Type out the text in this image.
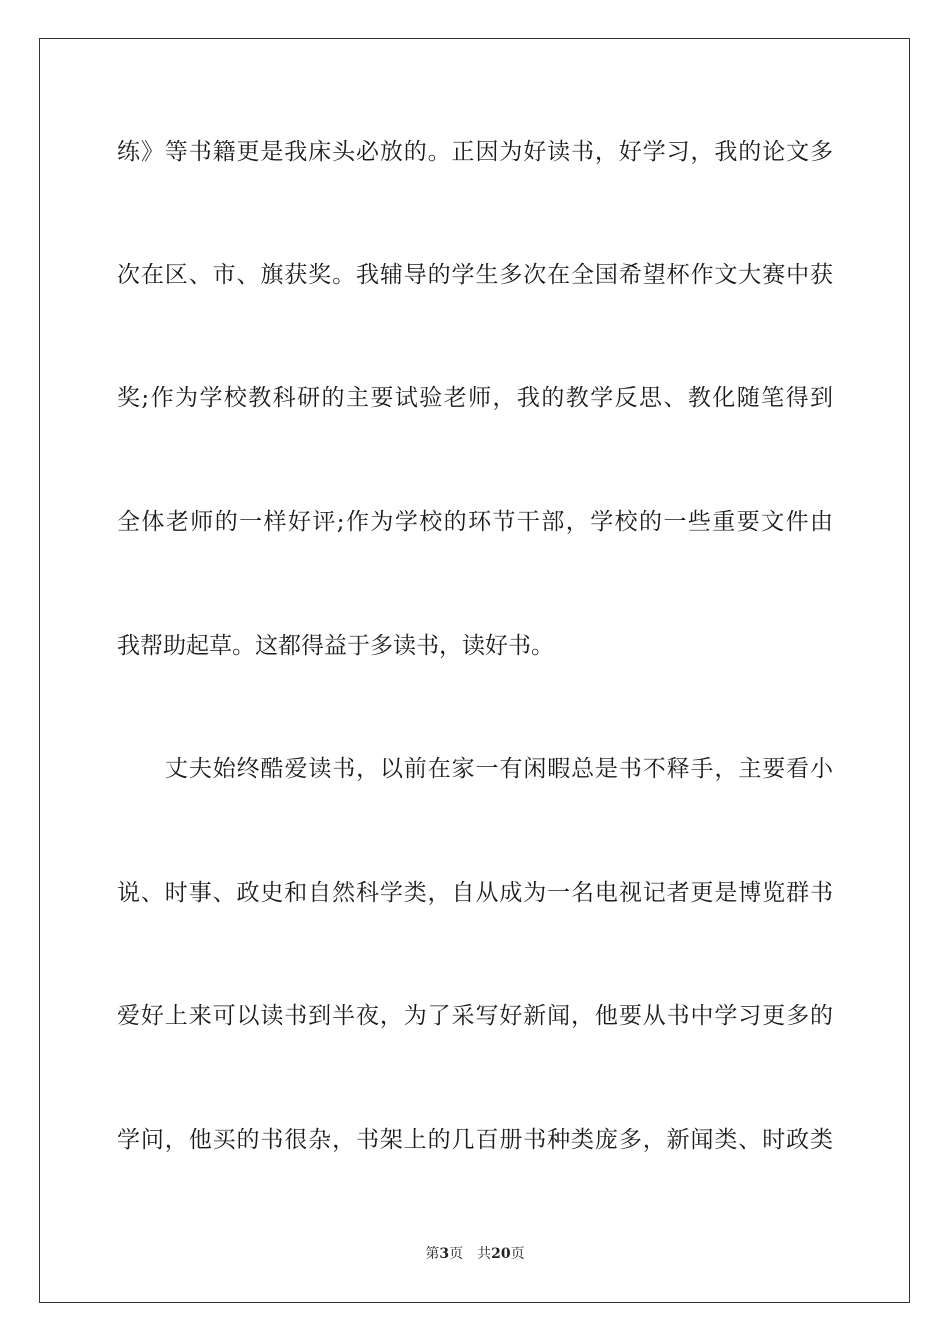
练》等书籍更是我床头必放的。正因为好读书，好学习，我的论文多
次在区、市、旗获奖。我辅导的学生多次在全国希望杯作文大赛中获
奖;作为学校教科研的主要试验老师，我的教学反思、教化随笔得到
全体老师的一样好评;作为学校的环节干部，学校的一些重要文件由
我帮助起草。这都得益于多读书，读好书。
丈夫始终酷爱读书，以前在家一有闲暇总是书不释手，主要看小
说、时事、政史和自然科学类，自从成为一名电视记者更是博览群书
爱好上来可以读书到半夜，为了采写好新闻，他要从书中学习更多的
学问，他买的书很杂，书架上的几百册书种类庞多，新闻类、时政类
第3页 共20页
